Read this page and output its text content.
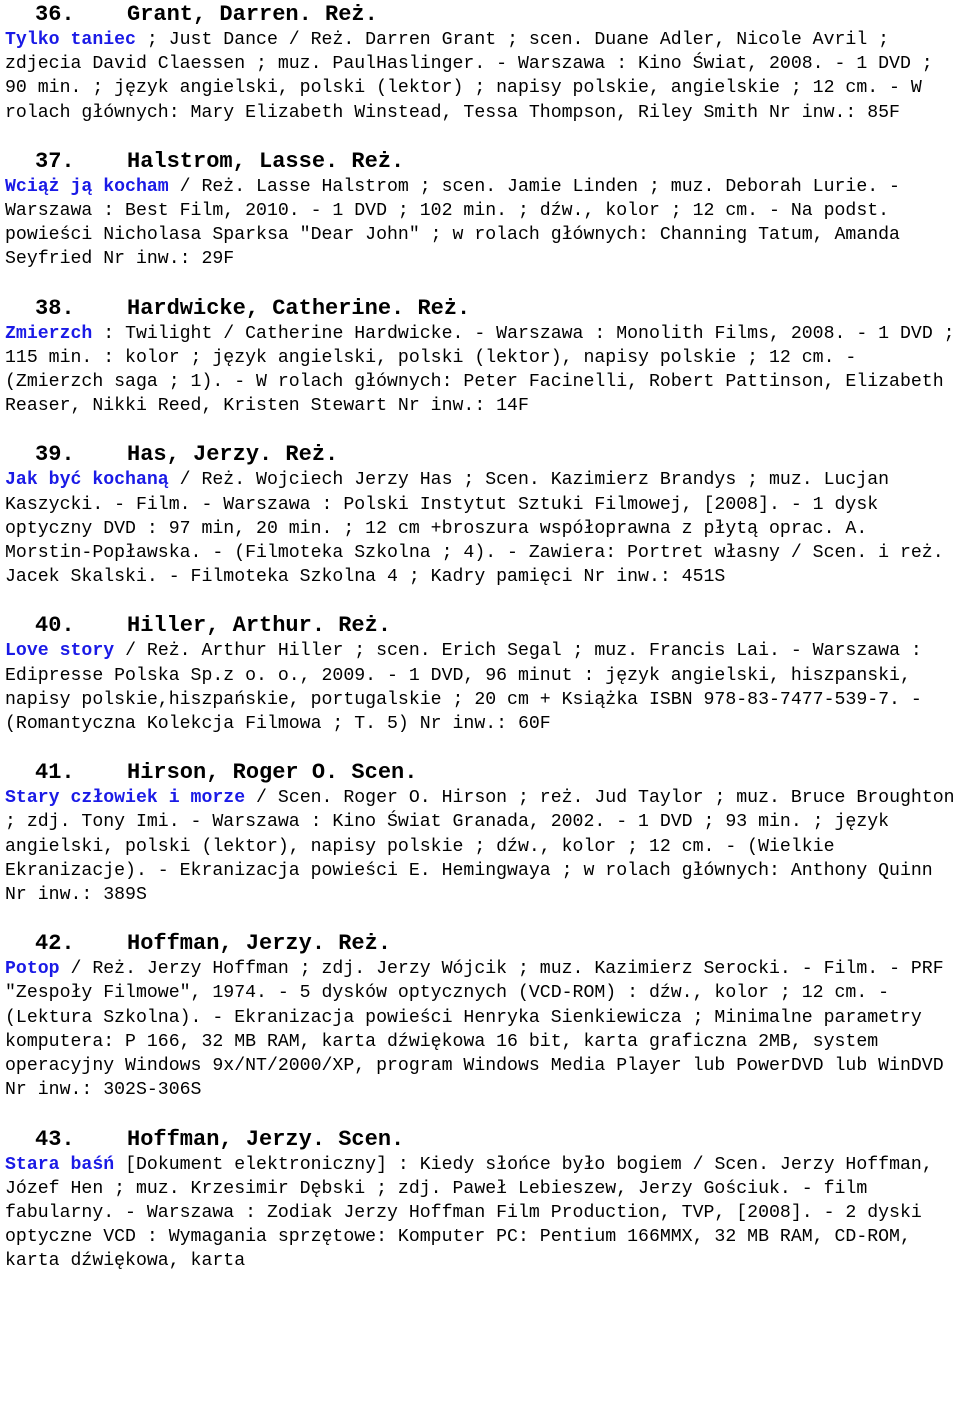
36. Grant, Darren. Reż.
Tylko taniec ; Just Dance / Reż. Darren Grant ; scen. Duane Adler, Nicole Avril ; zdjecia David Claessen ; muz. PaulHaslinger. - Warszawa : Kino Świat, 2008. - 1 DVD ; 90 min. ; język angielski, polski (lektor) ; napisy polskie, angielskie ; 12 cm. - W rolach głównych: Mary Elizabeth Winstead, Tessa Thompson, Riley Smith Nr inw.: 85F
37. Halstrom, Lasse. Reż.
Wciąż ją kocham / Reż. Lasse Halstrom ; scen. Jamie Linden ; muz. Deborah Lurie. - Warszawa : Best Film, 2010. - 1 DVD ; 102 min. ; dźw., kolor ; 12 cm. - Na podst. powieści Nicholasa Sparksa "Dear John" ; w rolach głównych: Channing Tatum, Amanda Seyfried Nr inw.: 29F
38. Hardwicke, Catherine. Reż.
Zmierzch : Twilight / Catherine Hardwicke. - Warszawa : Monolith Films, 2008. - 1 DVD ; 115 min. : kolor ; język angielski, polski (lektor), napisy polskie ; 12 cm. - (Zmierzch saga ; 1). - W rolach głównych: Peter Facinelli, Robert Pattinson, Elizabeth Reaser, Nikki Reed, Kristen Stewart Nr inw.: 14F
39. Has, Jerzy. Reż.
Jak być kochaną / Reż. Wojciech Jerzy Has ; Scen. Kazimierz Brandys ; muz. Lucjan Kaszycki. - Film. - Warszawa : Polski Instytut Sztuki Filmowej, [2008]. - 1 dysk optyczny DVD : 97 min, 20 min. ; 12 cm +broszura współoprawna z płytą oprac. A. Morstin-Popławska. - (Filmoteka Szkolna ; 4). - Zawiera: Portret własny / Scen. i reż. Jacek Skalski. - Filmoteka Szkolna 4 ; Kadry pamięci Nr inw.: 451S
40. Hiller, Arthur. Reż.
Love story / Reż. Arthur Hiller ; scen. Erich Segal ; muz. Francis Lai. - Warszawa : Edipresse Polska Sp.z o. o., 2009. - 1 DVD, 96 minut : język angielski, hiszpanski, napisy polskie,hiszpańskie, portugalskie ; 20 cm + Książka ISBN 978-83-7477-539-7. - (Romantyczna Kolekcja Filmowa ; T. 5) Nr inw.: 60F
41. Hirson, Roger O. Scen.
Stary człowiek i morze / Scen. Roger O. Hirson ; reż. Jud Taylor ; muz. Bruce Broughton ; zdj. Tony Imi. - Warszawa : Kino Świat Granada, 2002. - 1 DVD ; 93 min. ; język angielski, polski (lektor), napisy polskie ; dźw., kolor ; 12 cm. - (Wielkie Ekranizacje). - Ekranizacja powieści E. Hemingwaya ; w rolach głównych: Anthony Quinn Nr inw.: 389S
42. Hoffman, Jerzy. Reż.
Potop / Reż. Jerzy Hoffman ; zdj. Jerzy Wójcik ; muz. Kazimierz Serocki. - Film. - PRF "Zespoły Filmowe", 1974. - 5 dysków optycznych (VCD-ROM) : dźw., kolor ; 12 cm. - (Lektura Szkolna). - Ekranizacja powieści Henryka Sienkiewicza ; Minimalne parametry komputera: P 166, 32 MB RAM, karta dźwiękowa 16 bit, karta graficzna 2MB, system operacyjny Windows 9x/NT/2000/XP, program Windows Media Player lub PowerDVD lub WinDVD Nr inw.: 302S-306S
43. Hoffman, Jerzy. Scen.
Stara baśń [Dokument elektroniczny] : Kiedy słońce było bogiem / Scen. Jerzy Hoffman, Józef Hen ; muz. Krzesimir Dębski ; zdj. Paweł Lebieszew, Jerzy Gościuk. - film fabularny. - Warszawa : Zodiak Jerzy Hoffman Film Production, TVP, [2008]. - 2 dyski optyczne VCD : Wymagania sprzętowe: Komputer PC: Pentium 166MMX, 32 MB RAM, CD-ROM, karta dźwiękowa, karta
